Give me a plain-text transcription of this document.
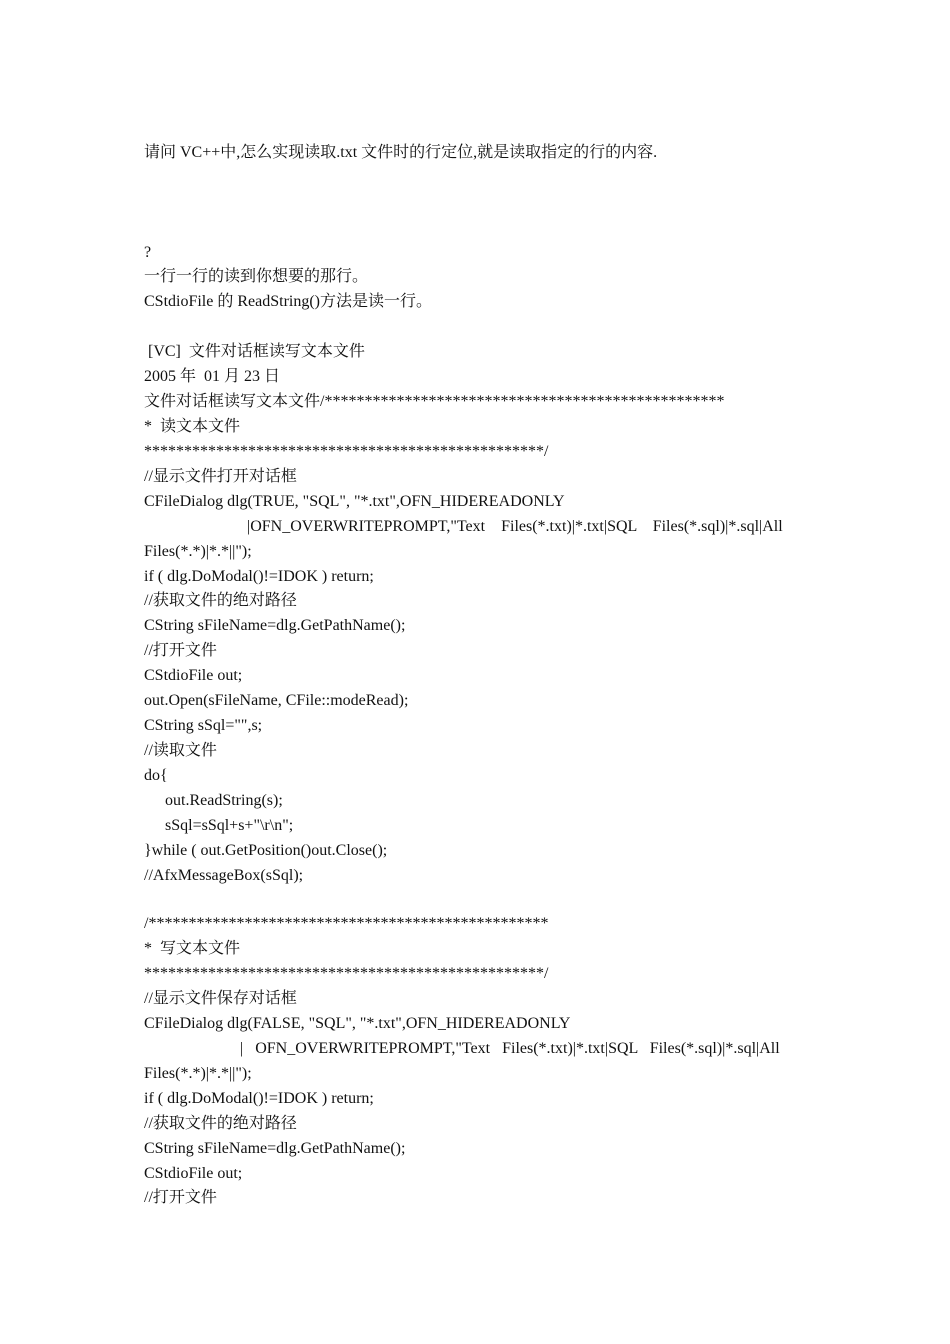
请问 VC++中,怎么实现读取.txt 文件时的行定位,就是读取指定的行的内容.
?
一行一行的读到你想要的那行。
CStdioFile 的 ReadString()方法是读一行。
[VC]  文件对话框读写文本文件
2005 年  01 月 23 日
文件对话框读写文本文件/**************************************************
*  读文本文件
**************************************************/
//显示文件打开对话框
CFileDialog dlg(TRUE, "SQL", "*.txt",OFN_HIDEREADONLY
|OFN_OVERWRITEPROMPT,"Text    Files(*.txt)|*.txt|SQL    Files(*.sql)|*.sql|All
Files(*.*)|*.*||");
if ( dlg.DoModal()!=IDOK ) return;
//获取文件的绝对路径
CString sFileName=dlg.GetPathName();
//打开文件
CStdioFile out;
out.Open(sFileName, CFile::modeRead);
CString sSql="",s;
//读取文件
do{
out.ReadString(s);
sSql=sSql+s+"\r\n";
}while ( out.GetPosition()out.Close();
//AfxMessageBox(sSql);
/**************************************************
*  写文本文件
**************************************************/
//显示文件保存对话框
CFileDialog dlg(FALSE, "SQL", "*.txt",OFN_HIDEREADONLY
|   OFN_OVERWRITEPROMPT,"Text   Files(*.txt)|*.txt|SQL   Files(*.sql)|*.sql|All
Files(*.*)|*.*||");
if ( dlg.DoModal()!=IDOK ) return;
//获取文件的绝对路径
CString sFileName=dlg.GetPathName();
CStdioFile out;
//打开文件
